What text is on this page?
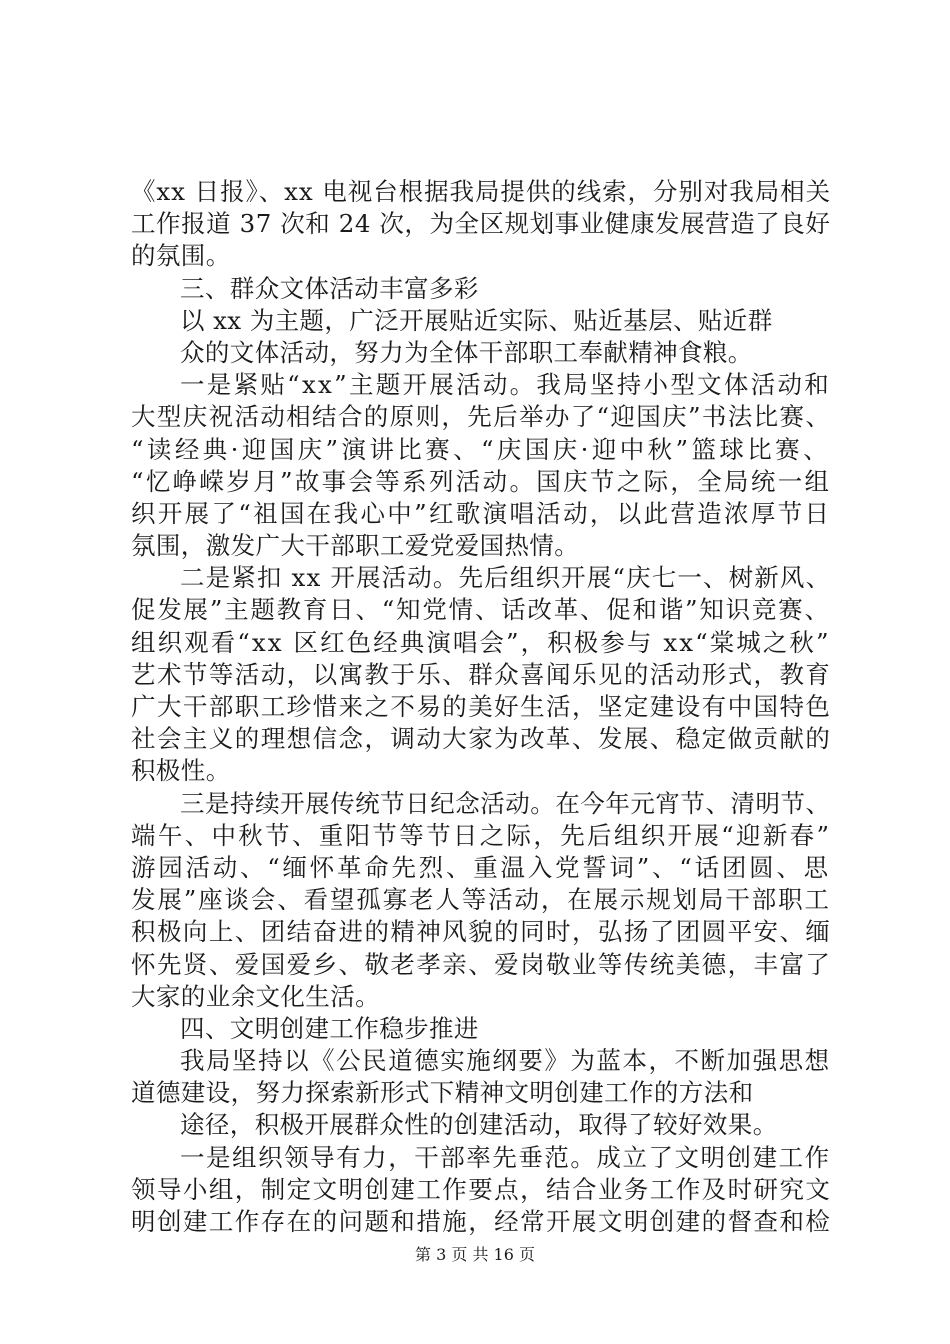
《xx 日报》、xx 电视台根据我局提供的线索，分别对我局相关
工作报道 37 次和 24 次，为全区规划事业健康发展营造了良好
的氛围。
三、群众文体活动丰富多彩
以 xx 为主题，广泛开展贴近实际、贴近基层、贴近群
众的文体活动，努力为全体干部职工奉献精神食粮。
一是紧贴“xx”主题开展活动。我局坚持小型文体活动和
大型庆祝活动相结合的原则，先后举办了“迎国庆”书法比赛、
“读经典·迎国庆”演讲比赛、“庆国庆·迎中秋”篮球比赛、
“忆峥嵘岁月”故事会等系列活动。国庆节之际，全局统一组
织开展了“祖国在我心中”红歌演唱活动，以此营造浓厚节日
氛围，激发广大干部职工爱党爱国热情。
二是紧扣 xx 开展活动。先后组织开展“庆七一、树新风、
促发展”主题教育日、“知党情、话改革、促和谐”知识竞赛、
组织观看“xx 区红色经典演唱会”，积极参与 xx“棠城之秋”
艺术节等活动，以寓教于乐、群众喜闻乐见的活动形式，教育
广大干部职工珍惜来之不易的美好生活，坚定建设有中国特色
社会主义的理想信念，调动大家为改革、发展、稳定做贡献的
积极性。
三是持续开展传统节日纪念活动。在今年元宵节、清明节、
端午、中秋节、重阳节等节日之际，先后组织开展“迎新春”
游园活动、“缅怀革命先烈、重温入党誓词”、“话团圆、思
发展”座谈会、看望孤寡老人等活动，在展示规划局干部职工
积极向上、团结奋进的精神风貌的同时，弘扬了团圆平安、缅
怀先贤、爱国爱乡、敬老孝亲、爱岗敬业等传统美德，丰富了
大家的业余文化生活。
四、文明创建工作稳步推进
我局坚持以《公民道德实施纲要》为蓝本，不断加强思想
道德建设，努力探索新形式下精神文明创建工作的方法和
途径，积极开展群众性的创建活动，取得了较好效果。
一是组织领导有力，干部率先垂范。成立了文明创建工作
领导小组，制定文明创建工作要点，结合业务工作及时研究文
明创建工作存在的问题和措施，经常开展文明创建的督查和检
第 3 页 共 16 页
